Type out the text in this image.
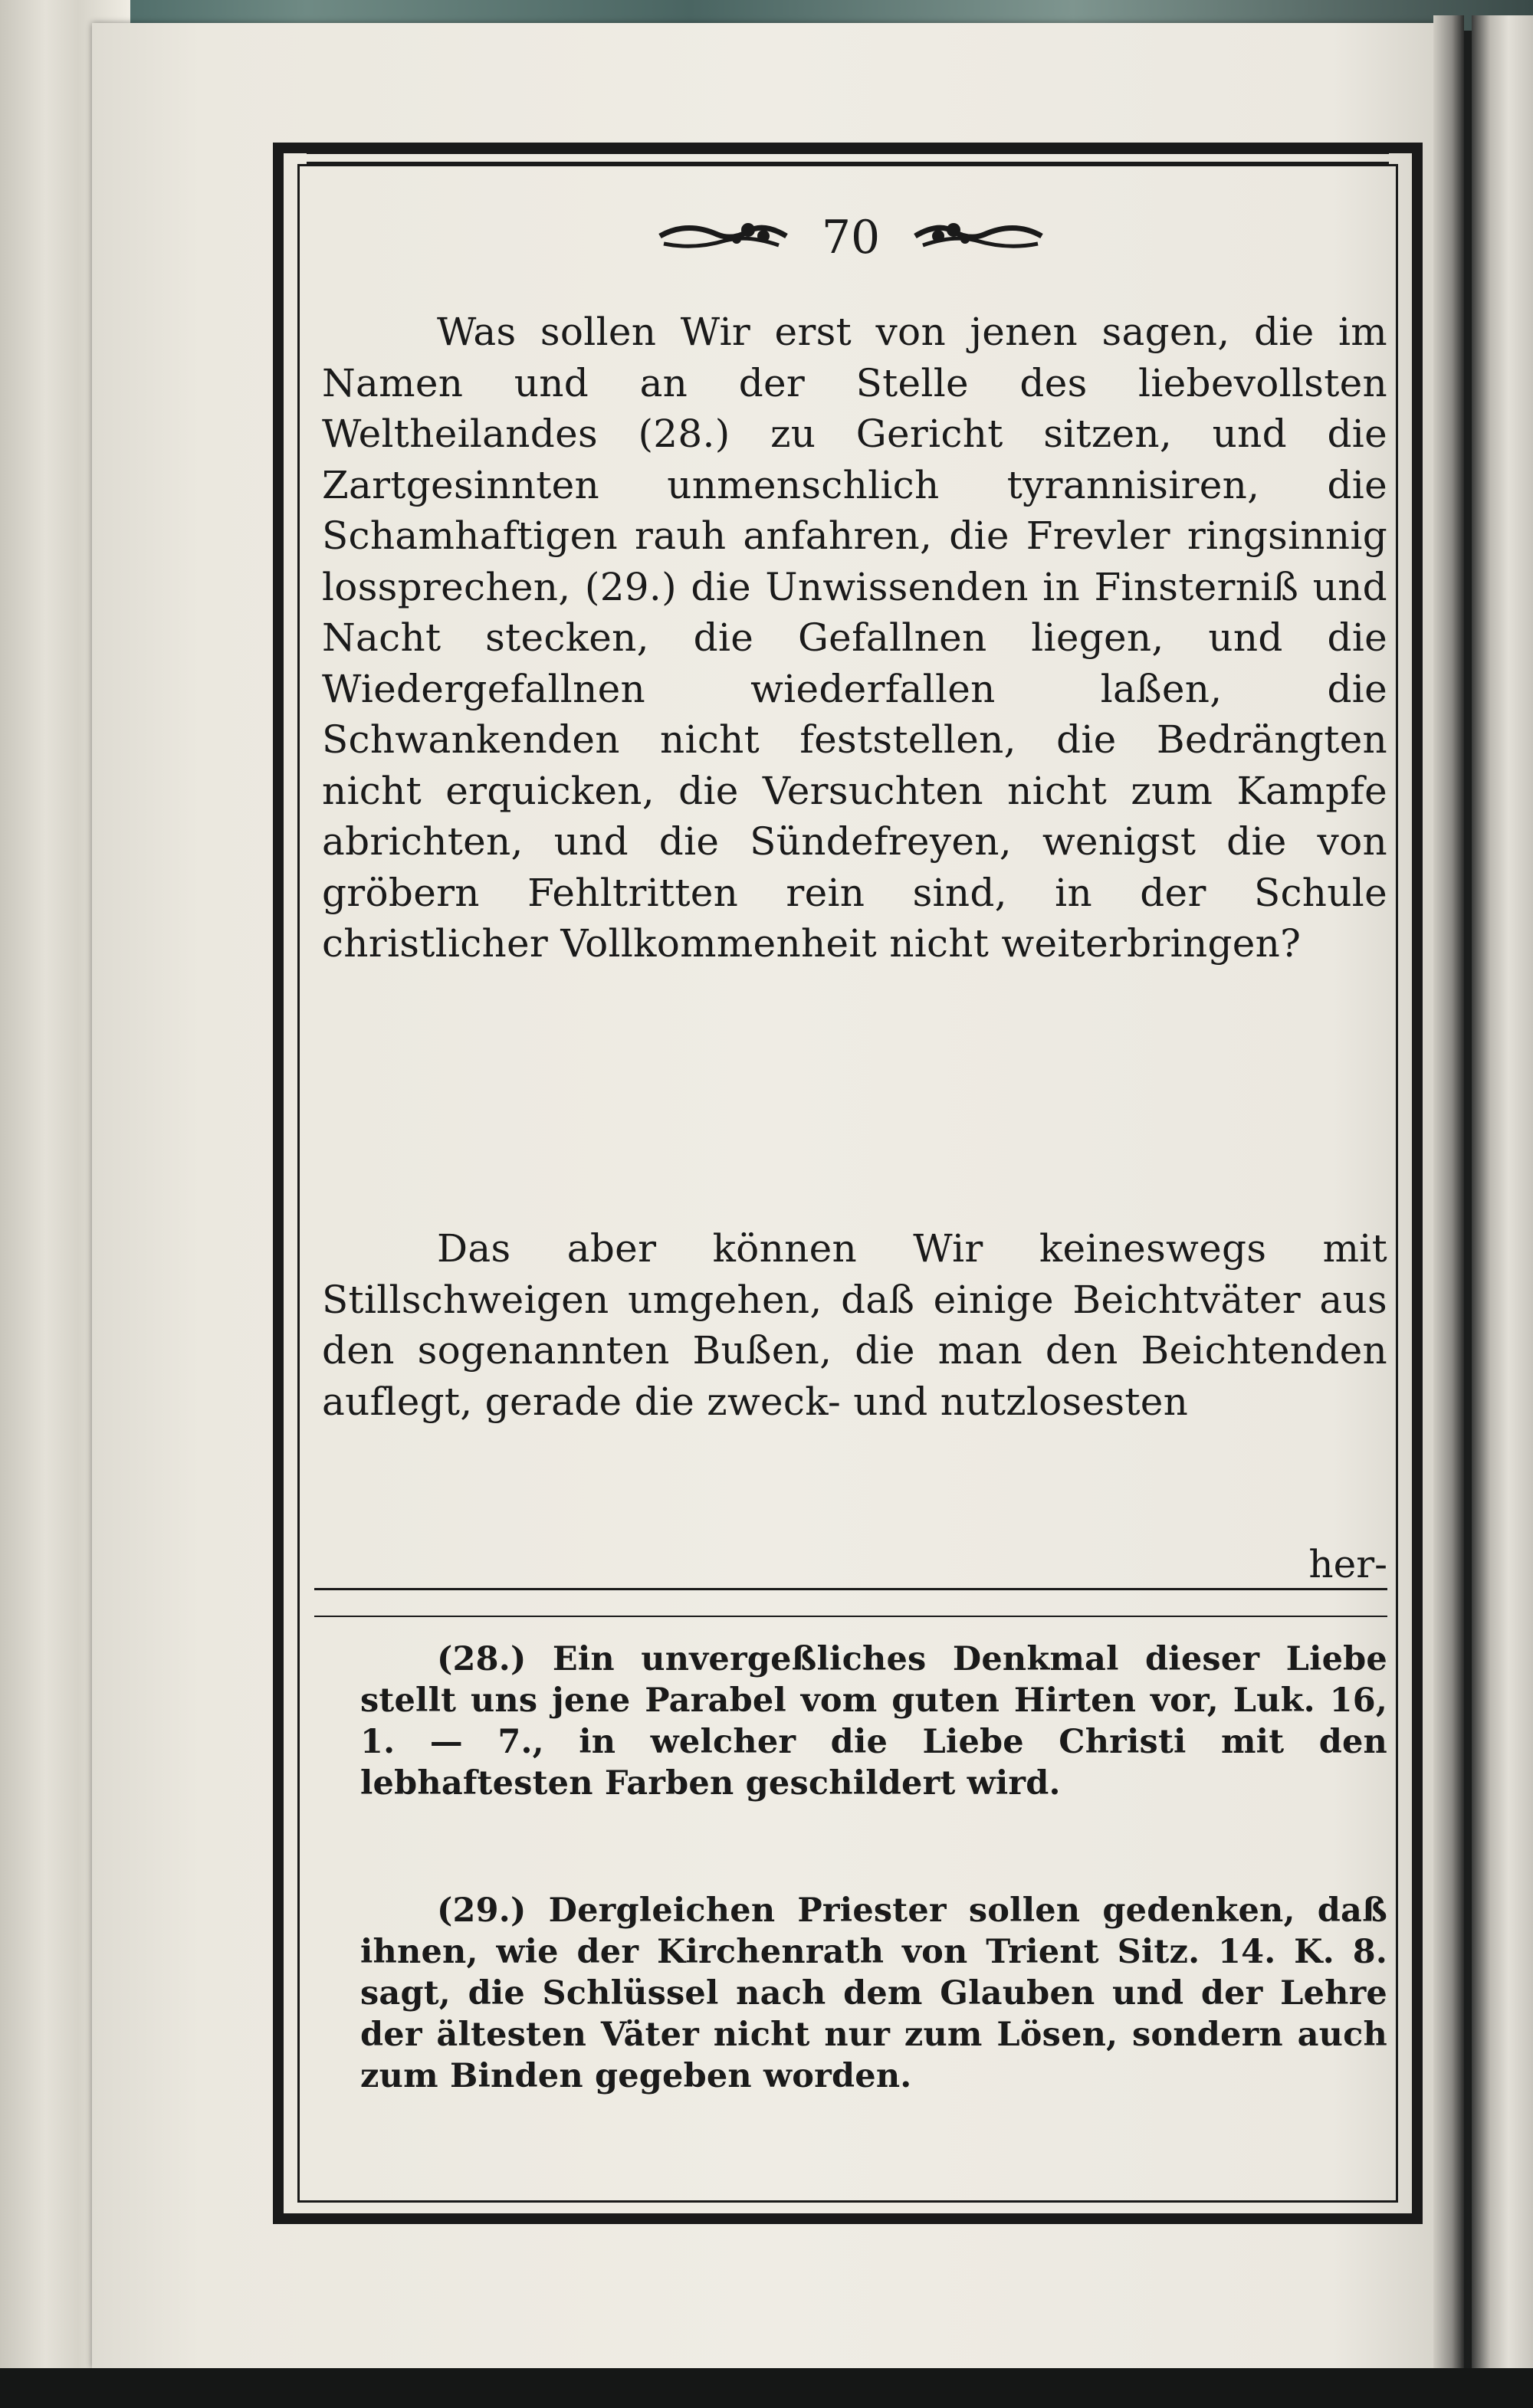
70

Was sollen Wir erst von jenen sagen, die im Namen und an der Stelle des liebevollsten Weltheilandes (28.) zu Gericht sitzen, und die Zartgesinnten unmenschlich tyrannisiren, die Schamhaftigen rauh anfahren, die Frevler ringsinnig lossprechen, (29.) die Unwissenden in Finsterniß und Nacht stecken, die Gefallnen liegen, und die Wiedergefallnen wiederfallen laßen, die Schwankenden nicht feststellen, die Bedrängten nicht erquicken, die Versuchten nicht zum Kampfe abrichten, und die Sündefreyen, wenigst die von gröbern Fehltritten rein sind, in der Schule christlicher Vollkommenheit nicht weiterbringen?

Das aber können Wir keineswegs mit Stillschweigen umgehen, daß einige Beichtväter aus den sogenannten Bußen, die man den Beichtenden auflegt, gerade die zweck- und nutzlosesten

her-

(28.) Ein unvergeßliches Denkmal dieser Liebe stellt uns jene Parabel vom guten Hirten vor, Luk. 16, 1. — 7., in welcher die Liebe Christi mit den lebhaftesten Farben geschildert wird.

(29.) Dergleichen Priester sollen gedenken, daß ihnen, wie der Kirchenrath von Trient Sitz. 14. K. 8. sagt, die Schlüssel nach dem Glauben und der Lehre der ältesten Väter nicht nur zum Lösen, sondern auch zum Binden gegeben worden.
